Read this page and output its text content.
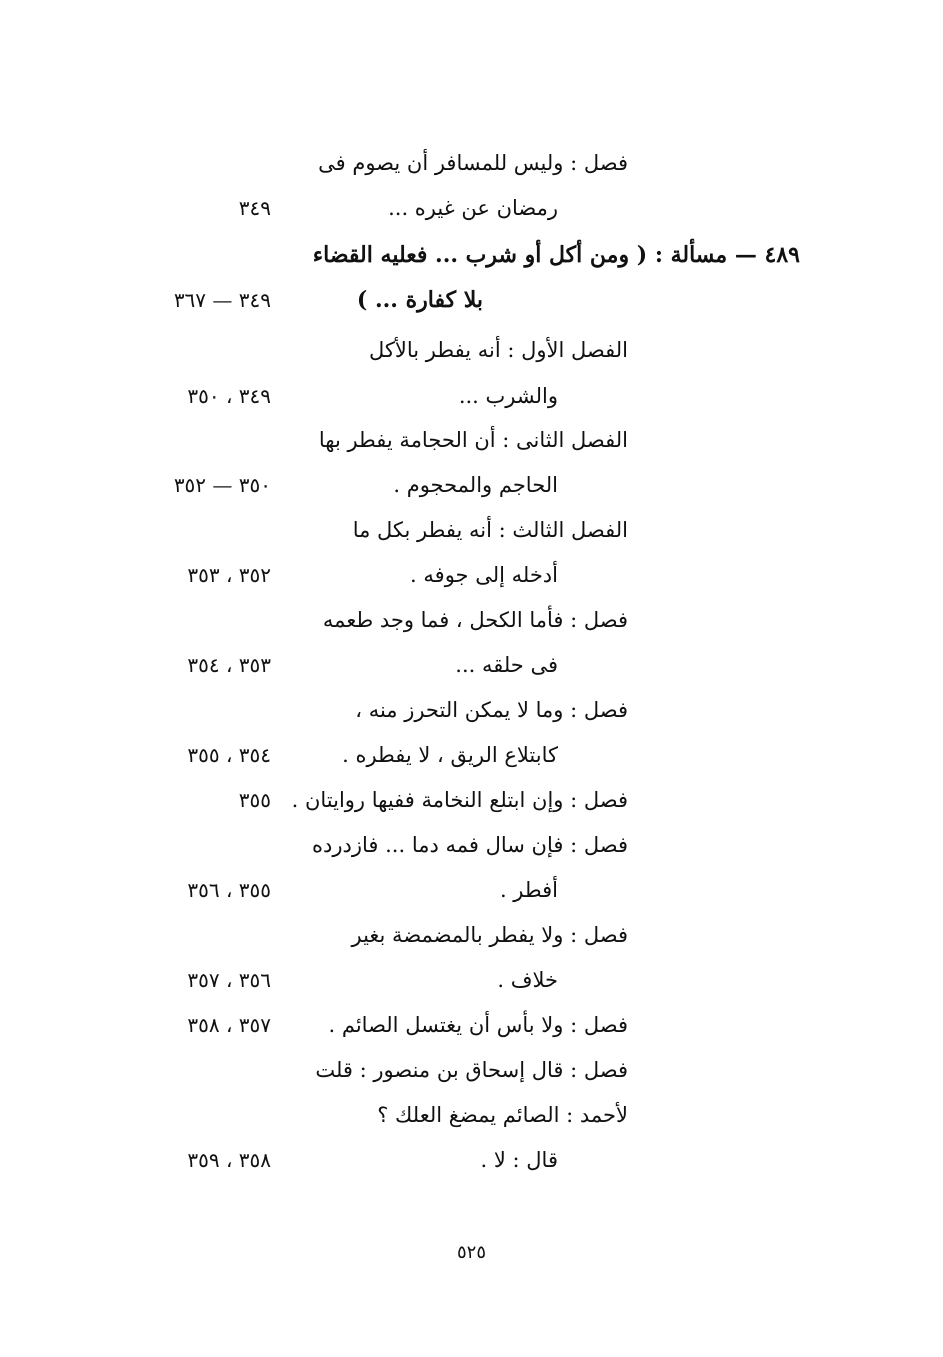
فصل : وليس للمسافر أن يصوم فى
رمضان عن غيره ...
٣٤٩
٤٨٩ — مسألة : ( ومن أكل أو شرب ... فعليه القضاء
بلا كفارة ... )
٣٤٩ — ٣٦٧
الفصل الأول : أنه يفطر بالأكل
والشرب ...
٣٤٩ ، ٣٥٠
الفصل الثانى : أن الحجامة يفطر بها
الحاجم والمحجوم .
٣٥٠ — ٣٥٢
الفصل الثالث : أنه يفطر بكل ما
أدخله إلى جوفه .
٣٥٢ ، ٣٥٣
فصل : فأما الكحل ، فما وجد طعمه
فى حلقه ...
٣٥٣ ، ٣٥٤
فصل : وما لا يمكن التحرز منه ،
كابتلاع الريق ، لا يفطره .
٣٥٤ ، ٣٥٥
فصل : وإن ابتلع النخامة ففيها روايتان .
٣٥٥
فصل : فإن سال فمه دما ... فازدرده
أفطر .
٣٥٥ ، ٣٥٦
فصل : ولا يفطر بالمضمضة بغير
خلاف .
٣٥٦ ، ٣٥٧
فصل : ولا بأس أن يغتسل الصائم .
٣٥٧ ، ٣٥٨
فصل : قال إسحاق بن منصور : قلت
لأحمد : الصائم يمضغ العلك ؟
قال : لا .
٣٥٨ ، ٣٥٩
٥٢٥
